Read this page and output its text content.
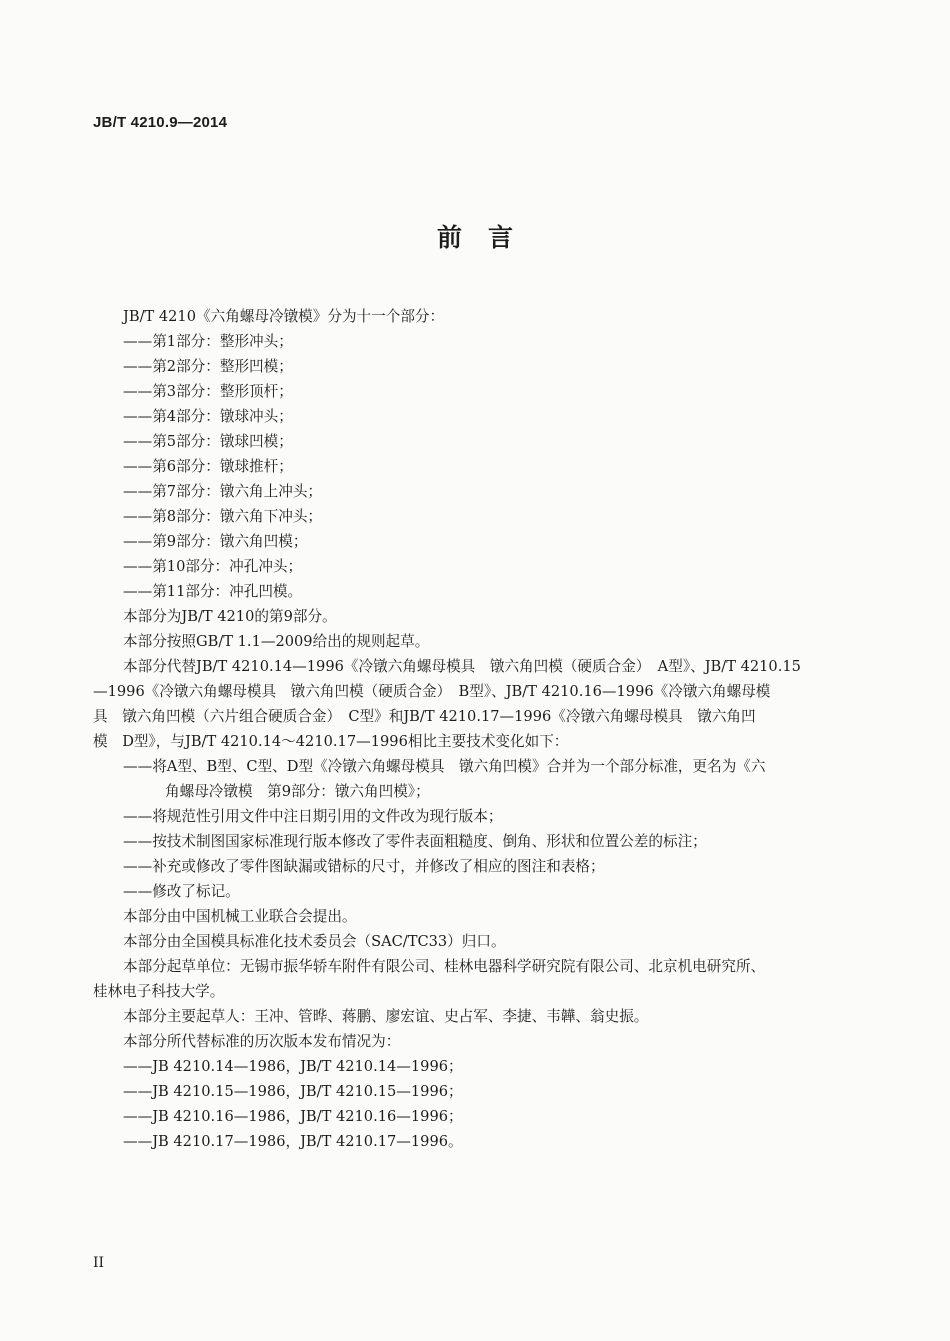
JB/T 4210.9—2014
前 言
JB/T 4210《六角螺母冷镦模》分为十一个部分：
——第1部分：整形冲头；
——第2部分：整形凹模；
——第3部分：整形顶杆；
——第4部分：镦球冲头；
——第5部分：镦球凹模；
——第6部分：镦球推杆；
——第7部分：镦六角上冲头；
——第8部分：镦六角下冲头；
——第9部分：镦六角凹模；
——第10部分：冲孔冲头；
——第11部分：冲孔凹模。
本部分为JB/T 4210的第9部分。
本部分按照GB/T 1.1—2009给出的规则起草。
本部分代替JB/T 4210.14—1996《冷镦六角螺母模具　镦六角凹模（硬质合金）　A型》、JB/T 4210.15
—1996《冷镦六角螺母模具　镦六角凹模（硬质合金）　B型》、JB/T 4210.16—1996《冷镦六角螺母模
具　镦六角凹模（六片组合硬质合金）　C型》和JB/T 4210.17—1996《冷镦六角螺母模具　镦六角凹
模　D型》，与JB/T 4210.14～4210.17—1996相比主要技术变化如下：
——将A型、B型、C型、D型《冷镦六角螺母模具　镦六角凹模》合并为一个部分标准，更名为《六
角螺母冷镦模　第9部分：镦六角凹模》；
——将规范性引用文件中注日期引用的文件改为现行版本；
——按技术制图国家标准现行版本修改了零件表面粗糙度、倒角、形状和位置公差的标注；
——补充或修改了零件图缺漏或错标的尺寸，并修改了相应的图注和表格；
——修改了标记。
本部分由中国机械工业联合会提出。
本部分由全国模具标准化技术委员会（SAC/TC33）归口。
本部分起草单位：无锡市振华轿车附件有限公司、桂林电器科学研究院有限公司、北京机电研究所、
桂林电子科技大学。
本部分主要起草人：王冲、管晔、蒋鹏、廖宏谊、史占军、李捷、韦韡、翁史振。
本部分所代替标准的历次版本发布情况为：
——JB 4210.14—1986，JB/T 4210.14—1996；
——JB 4210.15—1986，JB/T 4210.15—1996；
——JB 4210.16—1986，JB/T 4210.16—1996；
——JB 4210.17—1986，JB/T 4210.17—1996。
II
